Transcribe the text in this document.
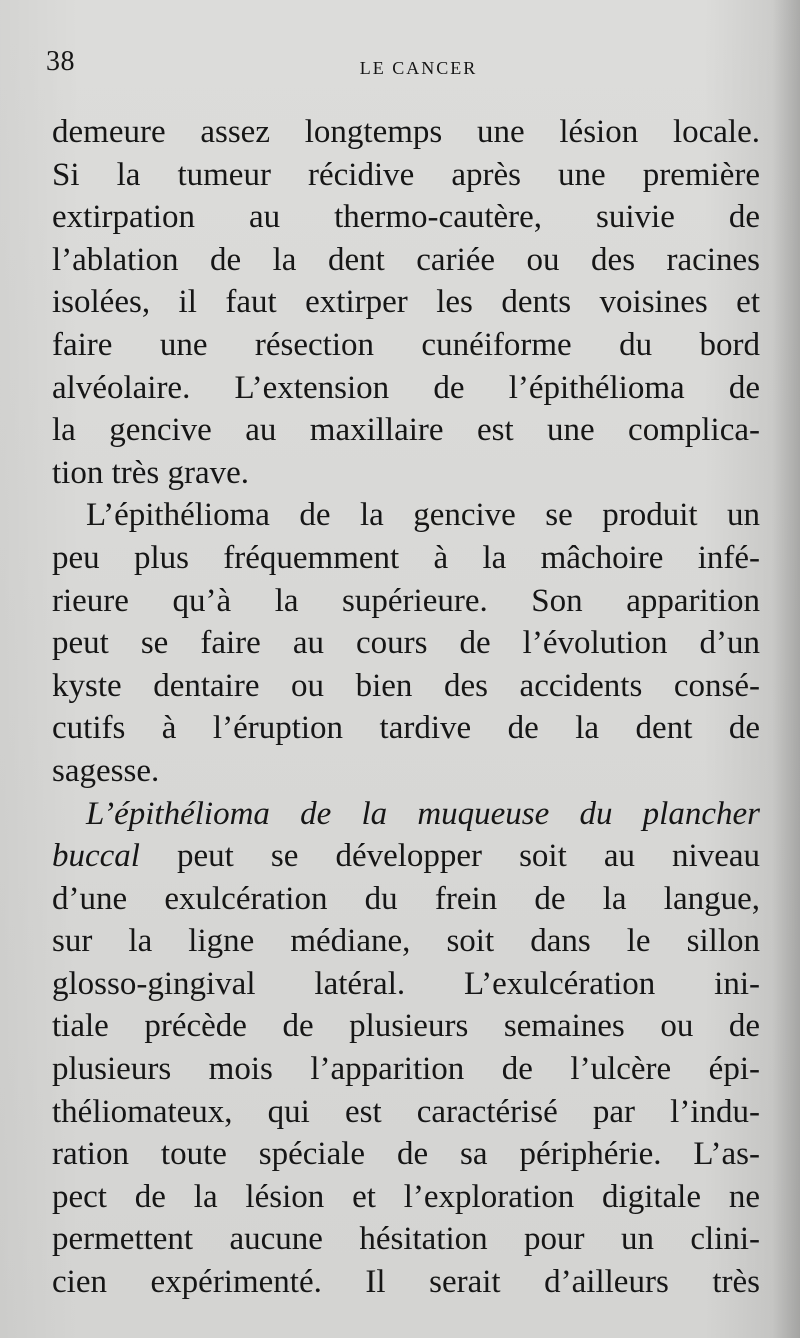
38	LE CANCER
demeure assez longtemps une lésion locale.
Si la tumeur récidive après une première
extirpation au thermo-cautère, suivie de
l’ablation de la dent cariée ou des racines
isolées, il faut extirper les dents voisines et
faire une résection cunéiforme du bord
alvéolaire. L’extension de l’épithélioma de
la gencive au maxillaire est une complica-
tion très grave.
L’épithélioma de la gencive se produit un
peu plus fréquemment à la mâchoire infé-
rieure qu’à la supérieure. Son apparition
peut se faire au cours de l’évolution d’un
kyste dentaire ou bien des accidents consé-
cutifs à l’éruption tardive de la dent de
sagesse.
L’épithélioma de la muqueuse du plancher
buccal peut se développer soit au niveau
d’une exulcération du frein de la langue,
sur la ligne médiane, soit dans le sillon
glosso-gingival latéral. L’exulcération ini-
tiale précède de plusieurs semaines ou de
plusieurs mois l’apparition de l’ulcère épi-
théliomateux, qui est caractérisé par l’indu-
ration toute spéciale de sa périphérie. L’as-
pect de la lésion et l’exploration digitale ne
permettent aucune hésitation pour un clini-
cien expérimenté. Il serait d’ailleurs très
